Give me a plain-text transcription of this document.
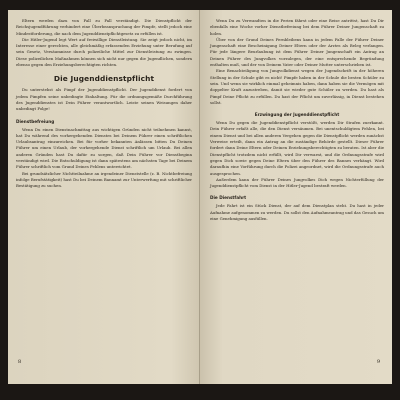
Eltern werden dazu von Fall zu Fall verständigt. Die Dienstpflicht der Reichsjugendführung verhindert eine Überbeanspruchung der Pimpfe, stellt jedoch eine Mindestforderung, die nach dem Jugenddienstpflichtgesetz zu erfüllen ist.

Die Hitler-Jugend legt Wert auf freiwillige Dienstleistung. Sie zeigt jedoch nicht, im Interesse einer gerechten, alle gleichmäßig erfassenden Erziehung unter Berufung auf sein Gesetz, Versäumnisse durch polizeiliche Mittel zur Dienstleistung zu zwingen. Diese polizeilichen Maßnahmen können sich nicht nur gegen die Jugendlichen, sondern ebenso gegen den Erziehungsberechtigten richten.

Die Jugenddienstpflicht

Du unterstehst als Pimpf der Jugenddienstpflicht. Der Jugenddienst fordert von jedem Pimpfen seine unbedingte Einhaltung. Für die ordnungsgemäße Durchführung des Jugenddienstes ist Dein Führer verantwortlich. Leiste seinen Weisungen daher unbedingt Folge!

Dienstbefreiung

Wenn Du einen Dienstnachmittag aus wichtigen Gründen nicht teilnehmen kannst, hat Du während des vorhergehenden Dienstes bei Deinem Führer einen schriftlichen Urlaubsantrag einzureichen. Bei für vorher bekannten Anlässen bitten Du Deinen Führer um einen Urlaub, der vorhergehende Dienst schriftlich um Urlaub. Bei allen anderen Gründen hast Du dafür zu sorgen, daß Dein Führer vor Dienstbeginn verständigt wird. Die Entschuldigung ist dann spätestens am nächsten Tage bei Deinem Führer schriftlich vom Grund Deines Fehlens unterrichtet.

Bei grundsätzlicher Nichtteilnahme an irgendeiner Dienststelle (z. B. Nichtbefreiung infolge Berufstätigkeit) hast Du bei Deinem Bannamt zur Unterwerfung mit schriftlicher Bestätigung zu suchen.

8

Wenn Du zu Verwandten in die Ferien fährst oder eine Reise antrittst, hast Du Dir ebenfalls eine Woche vorher Dienstbefreiung bei dem Führer Deiner Jungenschaft zu holen.

Über von der Grund Deines Fernbleibens kann in jedem Falle der Führer Deiner Jungenschaft eine Bescheinigung Deiner Eltern oder der Arztes als Beleg verlangen. Für jede längere Beurlaubung ist dem Führer Deiner Jungenschaft ein Antrag an Deinen Führer des Jungvolkes vorzulegen, der eine entsprechende Begründung enthalten muß, und der von Deinem Vater oder Deiner Mutter unterschrieben ist.

Eine Benachteiligung von Jungvolkdienst wegen der Jugendschrift in der höheren Stellung in der Schule gibt es nicht! Pimpfe haben in der Schule die besten Schüler zu sein. Und wenn sie wirklich einmal geheimnis haben, dann haben sie die Vermögen mit doppelter Kraft anzustreben, damit sie wieder gute Schüler zu werden. Du hast als Pimpf Deine Pflicht zu erfüllen. Du hast der Pflicht um zuverlässig, in Dienst bestehen sollst.

Erzwingung der Jugenddienstpflicht

Wenn Du gegen die Jugenddienstpflicht verstößt, werden Dir Strafen zuerkannt. Dein Führer erfaßt alle, die den Dienst versäumen. Bei unentschuldigtem Fehlen, bei einem Dienst und bei allen anderen Vergehen gegen die Dienstpflicht werden zunächst Verweise erteilt, dann ein Antrag an die zuständige Behörde gestellt. Dieser Führer fordert dann Deine Eltern oder Deinen Erziehungsberechtigten zu beraten. Ist aber die Dienstpflicht trotzdem nicht erfüllt, wird Dir verwarnt, und die Ordnungsstrafe wird gegen Dich sowie gegen Deine Eltern über den Führer des Bannes verhängt. Wird daraufhin eine Vorführung durch die Polizei angeordnet, wird die Ordnungsstrafe auch ausgesprochen.

Außerdem kann der Führer Deines Jungvolkes Dich wegen Nichterfüllung der Jugenddienstpflicht vom Dienst in der Hitler-Jugend bestraft werden.

Die Dienstfahrt

Jede Fahrt ist ein Stück Dienst, der auf dem Dienstplan steht. Du hast in jeder Aufnahme aufgenommen zu werden. Du sollst den Aufnahmeantrag und das Gesuch um eine Genehmigung ausfüllen.

9
